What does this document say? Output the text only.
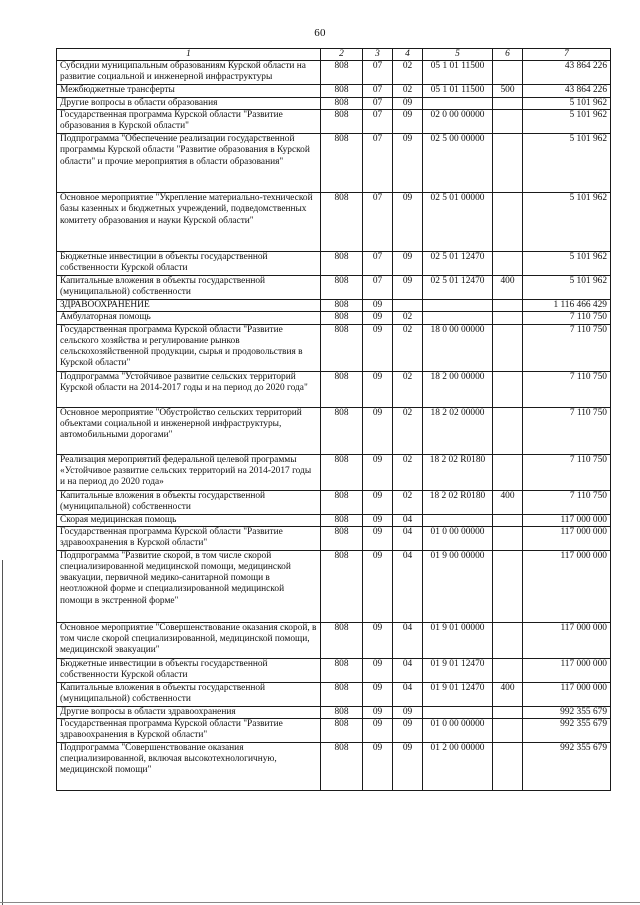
60
1	2	3	4	5	6	7
Субсидии муниципальным образованиям Курской области на развитие социальной и инженерной инфраструктуры	808	07	02	05 1 01 11500		43 864 226
Межбюджетные трансферты	808	07	02	05 1 01 11500	500	43 864 226
Другие вопросы в области образования	808	07	09			5 101 962
Государственная программа Курской области "Развитие образования в Курской области"	808	07	09	02 0 00 00000		5 101 962
Подпрограмма "Обеспечение реализации государственной программы Курской области "Развитие образования в Курской области" и прочие мероприятия в области образования"	808	07	09	02 5 00 00000		5 101 962
Основное мероприятие "Укрепление материально-технической базы казенных и бюджетных учреждений, подведомственных комитету образования и науки Курской области"	808	07	09	02 5 01 00000		5 101 962
Бюджетные инвестиции в объекты государственной собственности Курской области	808	07	09	02 5 01 12470		5 101 962
Капитальные вложения в объекты государственной (муниципальной) собственности	808	07	09	02 5 01 12470	400	5 101 962
ЗДРАВООХРАНЕНИЕ	808	09				1 116 466 429
Амбулаторная помощь	808	09	02			7 110 750
Государственная программа Курской области "Развитие сельского хозяйства и регулирование рынков сельскохозяйственной продукции, сырья и продовольствия в Курской области"	808	09	02	18 0 00 00000		7 110 750
Подпрограмма "Устойчивое развитие сельских территорий Курской области на 2014-2017 годы и на период до 2020 года"	808	09	02	18 2 00 00000		7 110 750
Основное мероприятие "Обустройство сельских территорий объектами социальной и инженерной инфраструктуры, автомобильными дорогами"	808	09	02	18 2 02 00000		7 110 750
Реализация мероприятий федеральной целевой программы «Устойчивое развитие сельских территорий на 2014-2017 годы и на период до 2020 года»	808	09	02	18 2 02 R0180		7 110 750
Капитальные вложения в объекты государственной (муниципальной) собственности	808	09	02	18 2 02 R0180	400	7 110 750
Скорая медицинская помощь	808	09	04			117 000 000
Государственная программа Курской области "Развитие здравоохранения в Курской области"	808	09	04	01 0 00 00000		117 000 000
Подпрограмма "Развитие скорой, в том числе скорой специализированной медицинской помощи, медицинской эвакуации, первичной медико-санитарной помощи в неотложной форме и специализированной медицинской помощи в экстренной форме"	808	09	04	01 9 00 00000		117 000 000
Основное мероприятие "Совершенствование оказания скорой, в том числе скорой специализированной, медицинской помощи, медицинской эвакуации"	808	09	04	01 9 01 00000		117 000 000
Бюджетные инвестиции в объекты государственной собственности Курской области	808	09	04	01 9 01 12470		117 000 000
Капитальные вложения в объекты государственной (муниципальной) собственности	808	09	04	01 9 01 12470	400	117 000 000
Другие вопросы в области здравоохранения	808	09	09			992 355 679
Государственная программа Курской области "Развитие здравоохранения в Курской области"	808	09	09	01 0 00 00000		992 355 679
Подпрограмма "Совершенствование оказания специализированной, включая высокотехнологичную, медицинской помощи"	808	09	09	01 2 00 00000		992 355 679
